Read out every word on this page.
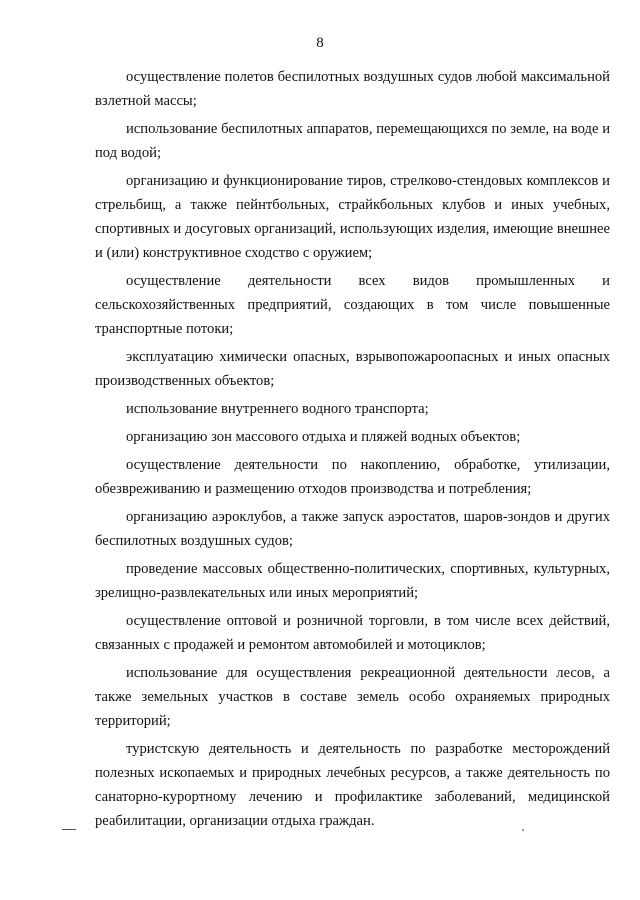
8

осуществление полетов беспилотных воздушных судов любой максимальной взлетной массы;

использование беспилотных аппаратов, перемещающихся по земле, на воде и под водой;

организацию и функционирование тиров, стрелково-стендовых комплексов и стрельбищ, а также пейнтбольных, страйкбольных клубов и иных учебных, спортивных и досуговых организаций, использующих изделия, имеющие внешнее и (или) конструктивное сходство с оружием;

осуществление деятельности всех видов промышленных и сельскохозяйственных предприятий, создающих в том числе повышенные транспортные потоки;

эксплуатацию химически опасных, взрывопожароопасных и иных опасных производственных объектов;

использование внутреннего водного транспорта;

организацию зон массового отдыха и пляжей водных объектов;

осуществление деятельности по накоплению, обработке, утилизации, обезвреживанию и размещению отходов производства и потребления;

организацию аэроклубов, а также запуск аэростатов, шаров-зондов и других беспилотных воздушных судов;

проведение массовых общественно-политических, спортивных, культурных, зрелищно-развлекательных или иных мероприятий;

осуществление оптовой и розничной торговли, в том числе всех действий, связанных с продажей и ремонтом автомобилей и мотоциклов;

использование для осуществления рекреационной деятельности лесов, а также земельных участков в составе земель особо охраняемых природных территорий;

туристскую деятельность и деятельность по разработке месторождений полезных ископаемых и природных лечебных ресурсов, а также деятельность по санаторно-курортному лечению и профилактике заболеваний, медицинской реабилитации, организации отдыха граждан.
